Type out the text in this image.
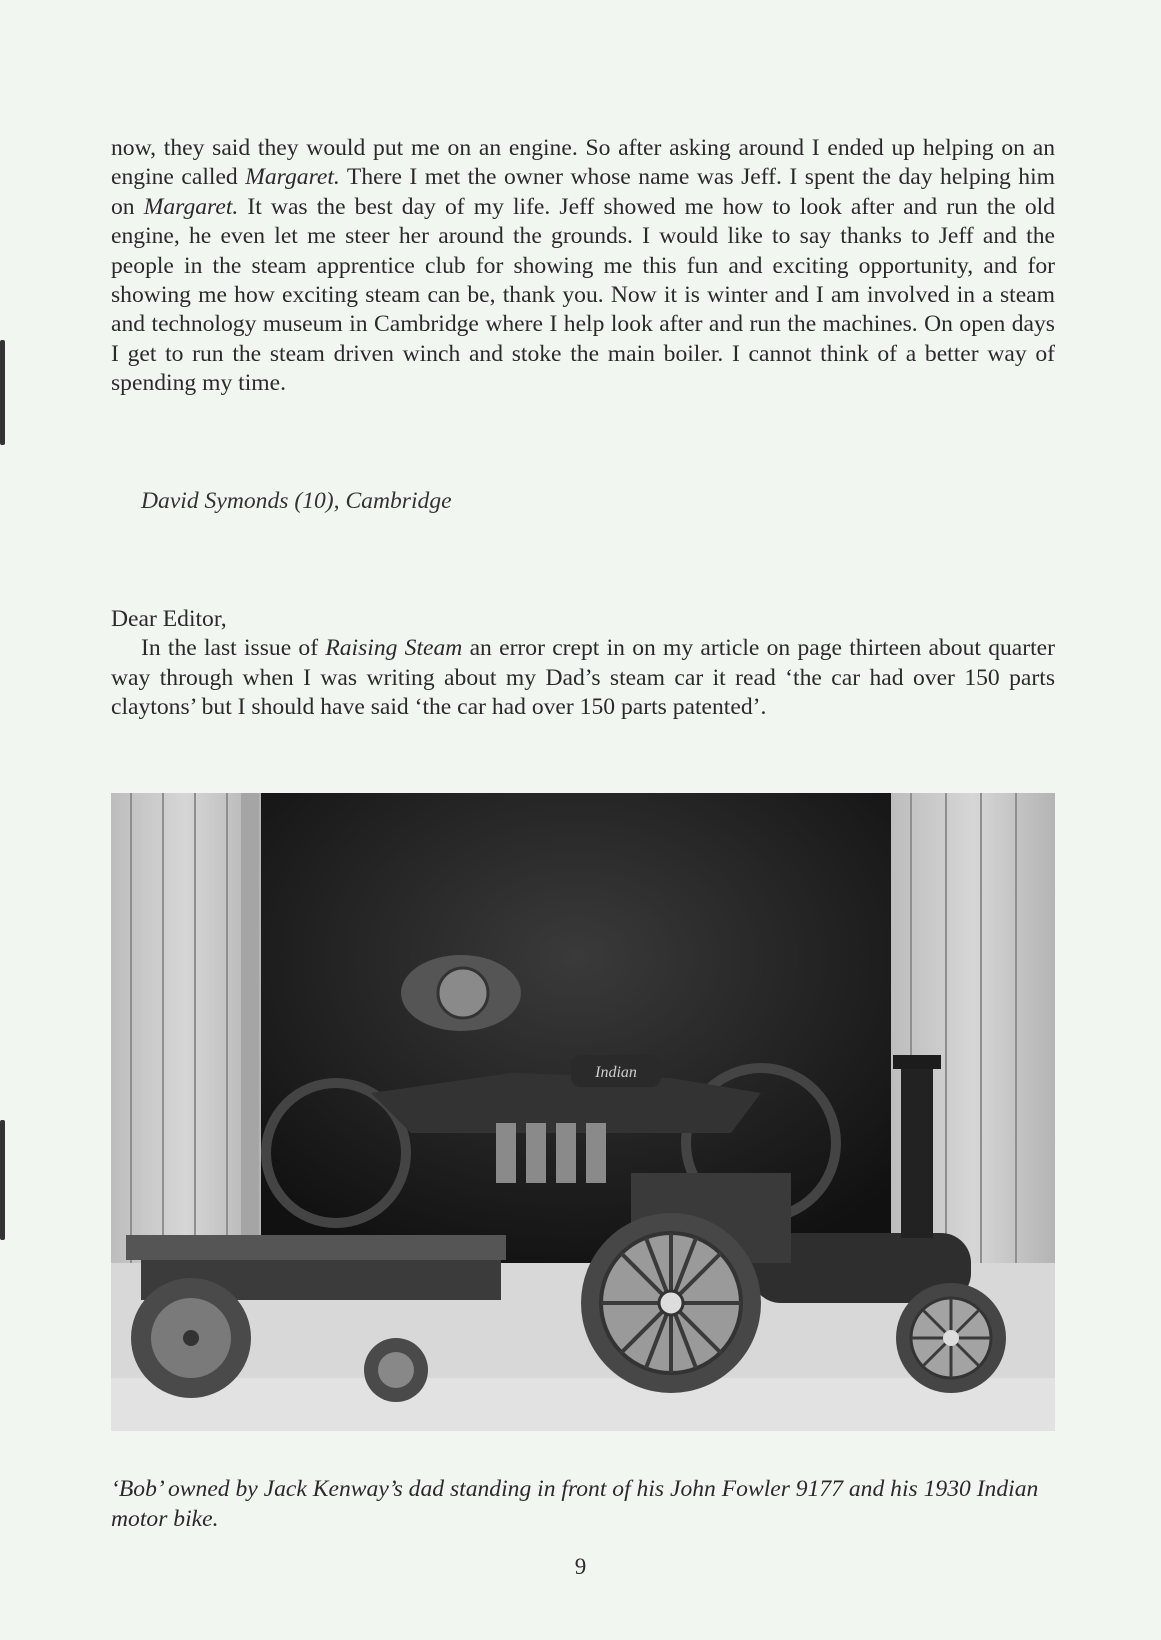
now, they said they would put me on an engine. So after asking around I ended up helping on an engine called Margaret. There I met the owner whose name was Jeff. I spent the day helping him on Margaret. It was the best day of my life. Jeff showed me how to look after and run the old engine, he even let me steer her around the grounds. I would like to say thanks to Jeff and the people in the steam apprentice club for showing me this fun and exciting opportunity, and for showing me how exciting steam can be, thank you. Now it is winter and I am involved in a steam and technology museum in Cambridge where I help look after and run the machines. On open days I get to run the steam driven winch and stoke the main boiler. I cannot think of a better way of spending my time.

David Symonds (10), Cambridge

Dear Editor,

In the last issue of Raising Steam an error crept in on my article on page thirteen about quarter way through when I was writing about my Dad’s steam car it read ‘the car had over 150 parts claytons’ but I should have said ‘the car had over 150 parts patented’.

Indian
‘Bob’ owned by Jack Kenway’s dad standing in front of his John Fowler 9177 and his 1930 Indian motor bike.
9
